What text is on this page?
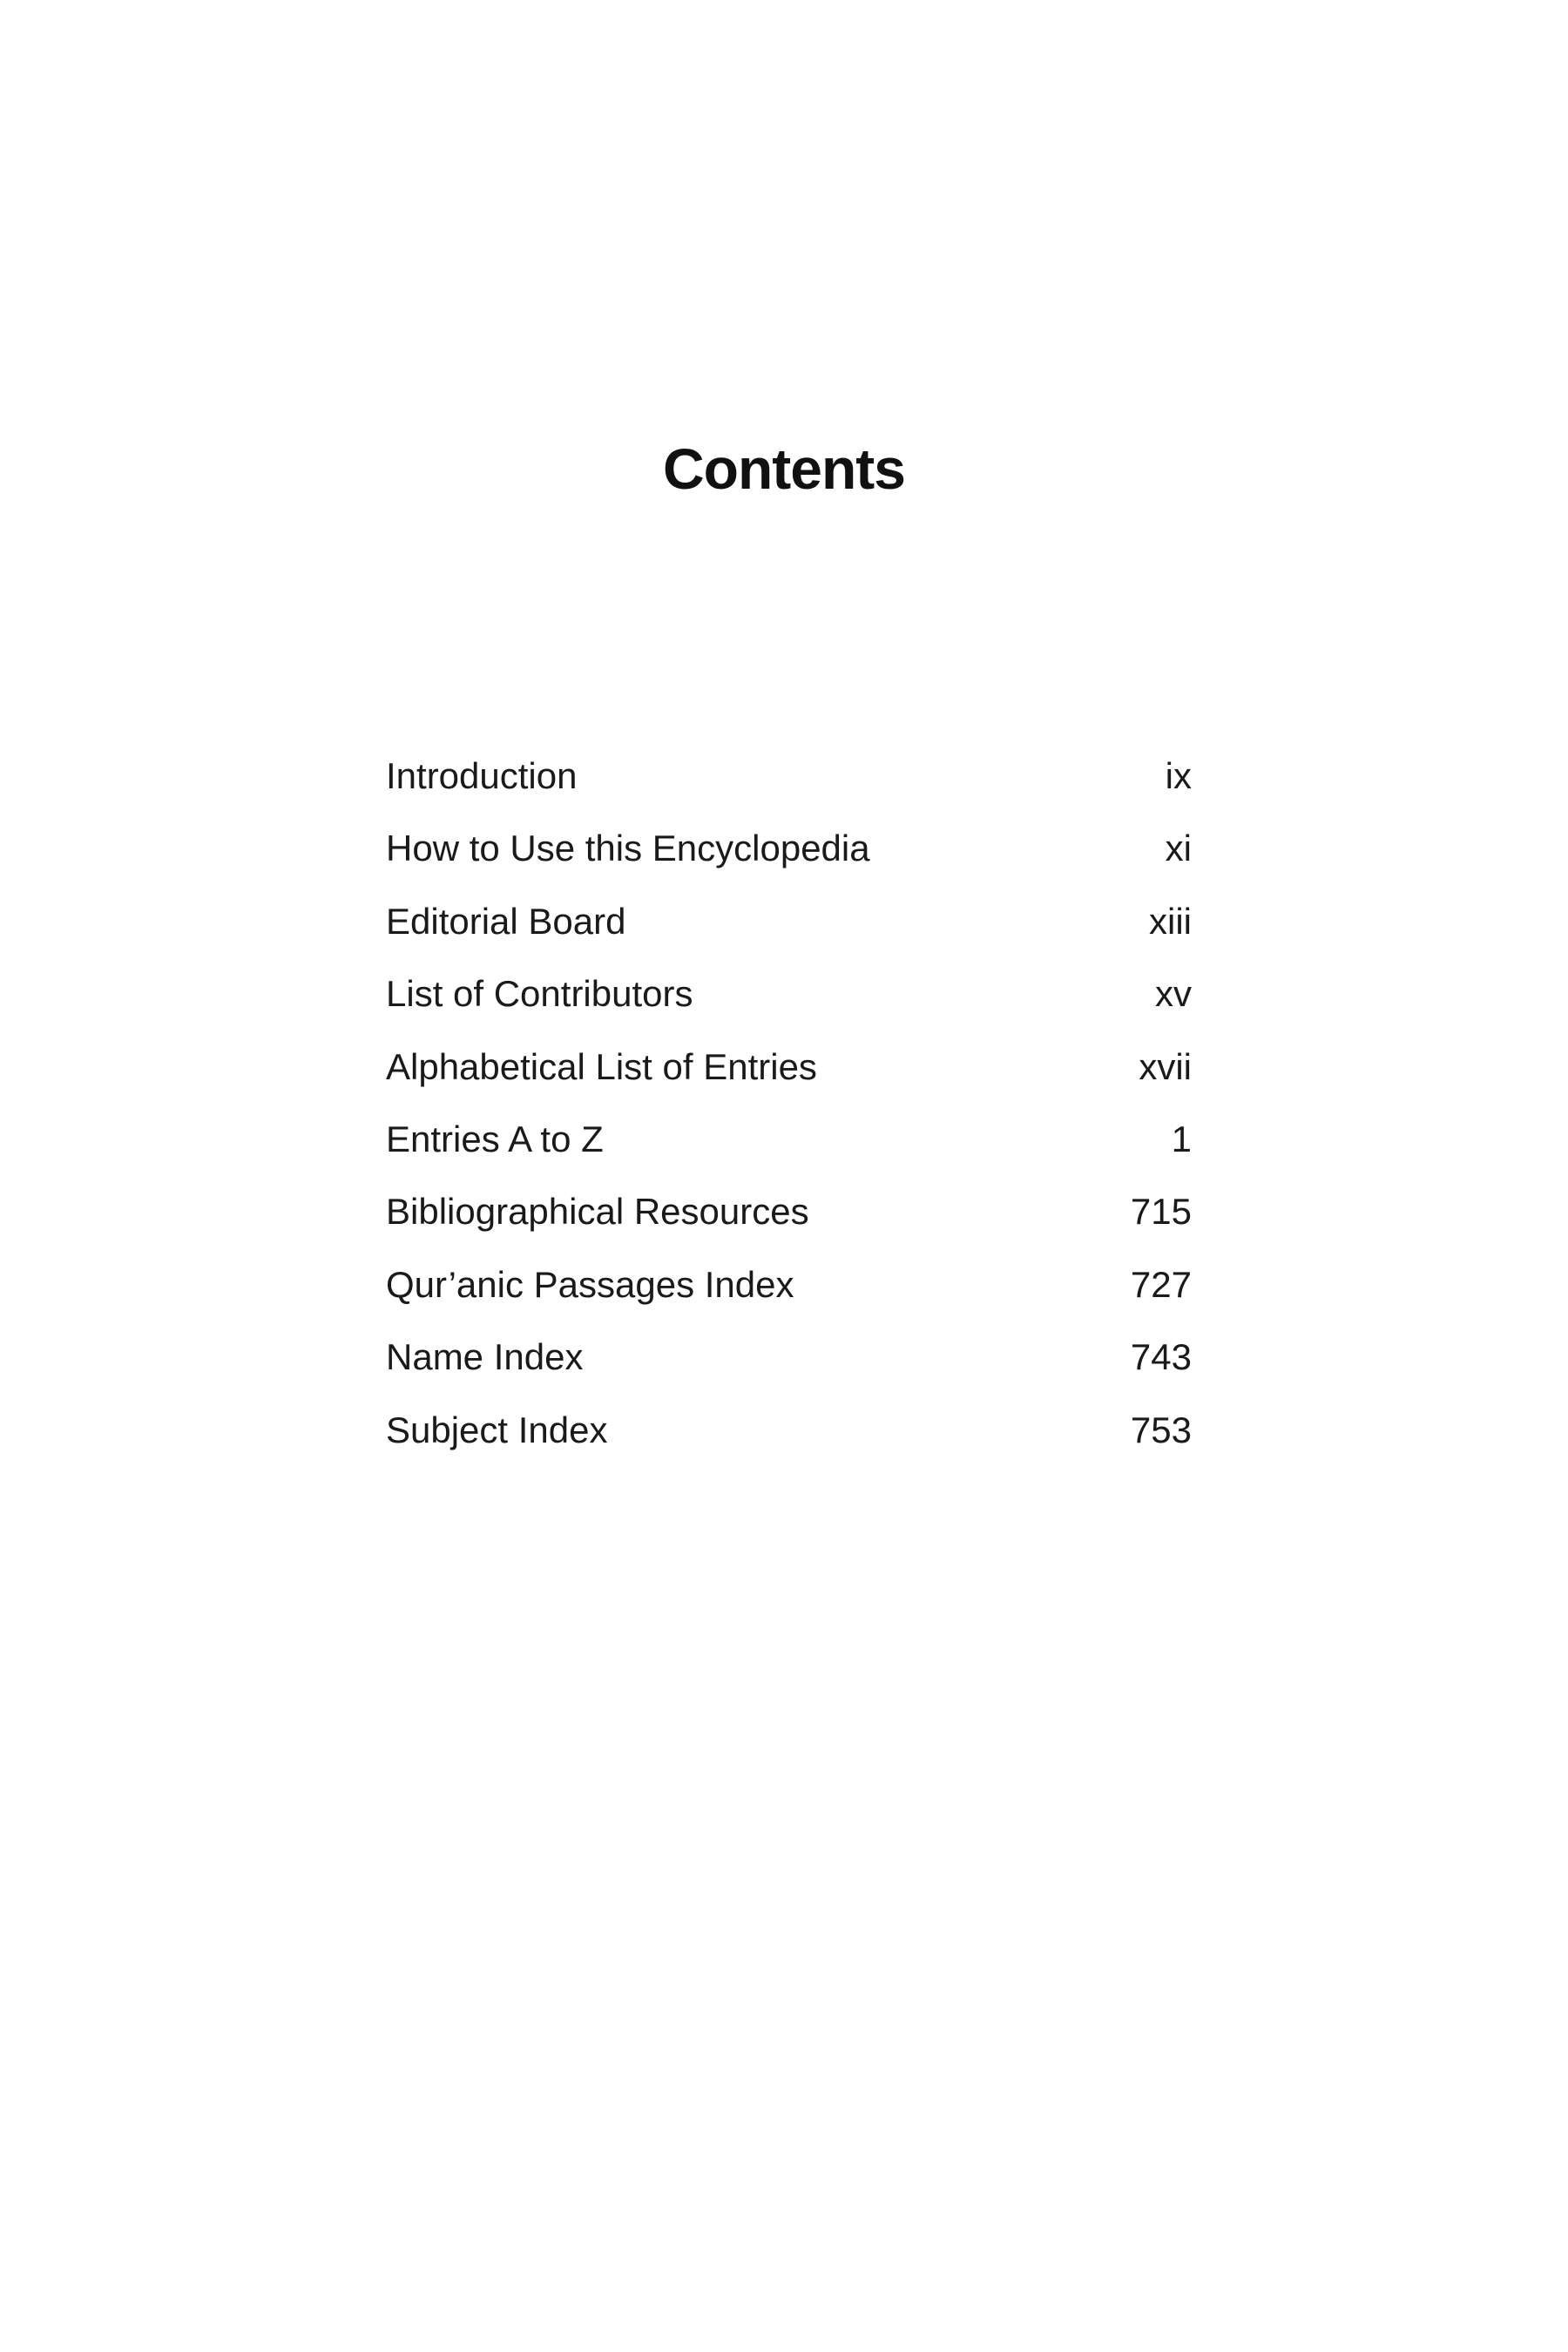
Contents
Introduction	ix
How to Use this Encyclopedia	xi
Editorial Board	xiii
List of Contributors	xv
Alphabetical List of Entries	xvii
Entries A to Z	1
Bibliographical Resources	715
Qur’anic Passages Index	727
Name Index	743
Subject Index	753
